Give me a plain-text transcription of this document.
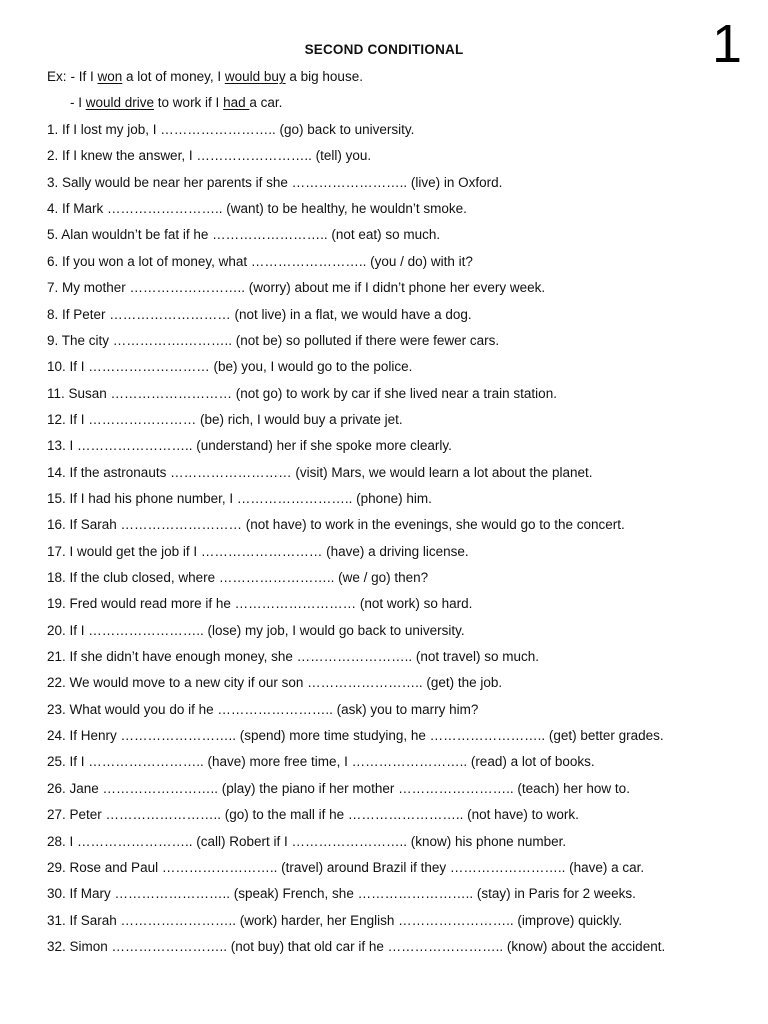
1
SECOND CONDITIONAL
Ex: - If I won a lot of money, I would buy a big house.
- I would drive to work if I had a car.
1. If I lost my job, I …………………….. (go) back to university.
2. If I knew the answer, I …………………….. (tell) you.
3. Sally would be near her parents if she …………………….. (live) in Oxford.
4. If Mark …………………….. (want) to be healthy, he wouldn’t smoke.
5. Alan wouldn’t be fat if he …………………….. (not eat) so much.
6. If you won a lot of money, what …………………….. (you / do) with it?
7. My mother …………………….. (worry) about me if I didn’t phone her every week.
8. If Peter ……………………… (not live) in a flat, we would have a dog.
9. The city …………….……….. (not be) so polluted if there were fewer cars.
10. If I ……………………… (be) you, I would go to the police.
11. Susan ……………………… (not go) to work by car if she lived near a train station.
12. If I …………………… (be) rich, I would buy a private jet.
13. I …………………….. (understand) her if she spoke more clearly.
14. If the astronauts ……………………… (visit) Mars, we would learn a lot about the planet.
15. If I had his phone number, I …………………….. (phone) him.
16. If Sarah ……………………… (not have) to work in the evenings, she would go to the concert.
17. I would get the job if I ……………………… (have) a driving license.
18. If the club closed, where …………………….. (we / go) then?
19. Fred would read more if he ……………………… (not work) so hard.
20. If I …………………….. (lose) my job, I would go back to university.
21. If she didn’t have enough money, she …………………….. (not travel) so much.
22. We would move to a new city if our son …………………….. (get) the job.
23. What would you do if he …………………….. (ask) you to marry him?
24. If Henry …………………….. (spend) more time studying, he …………………….. (get) better grades.
25. If I …………………….. (have) more free time, I …………………….. (read) a lot of books.
26. Jane …………………….. (play) the piano if her mother …………………….. (teach) her how to.
27. Peter …………………….. (go) to the mall if he …………………….. (not have) to work.
28. I …………………….. (call) Robert if I …………………….. (know) his phone number.
29. Rose and Paul …………………….. (travel) around Brazil if they …………………….. (have) a car.
30. If Mary …………………….. (speak) French, she …………………….. (stay) in Paris for 2 weeks.
31. If Sarah …………………….. (work) harder, her English …………………….. (improve) quickly.
32. Simon …………………….. (not buy) that old car if he …………………….. (know) about the accident.
